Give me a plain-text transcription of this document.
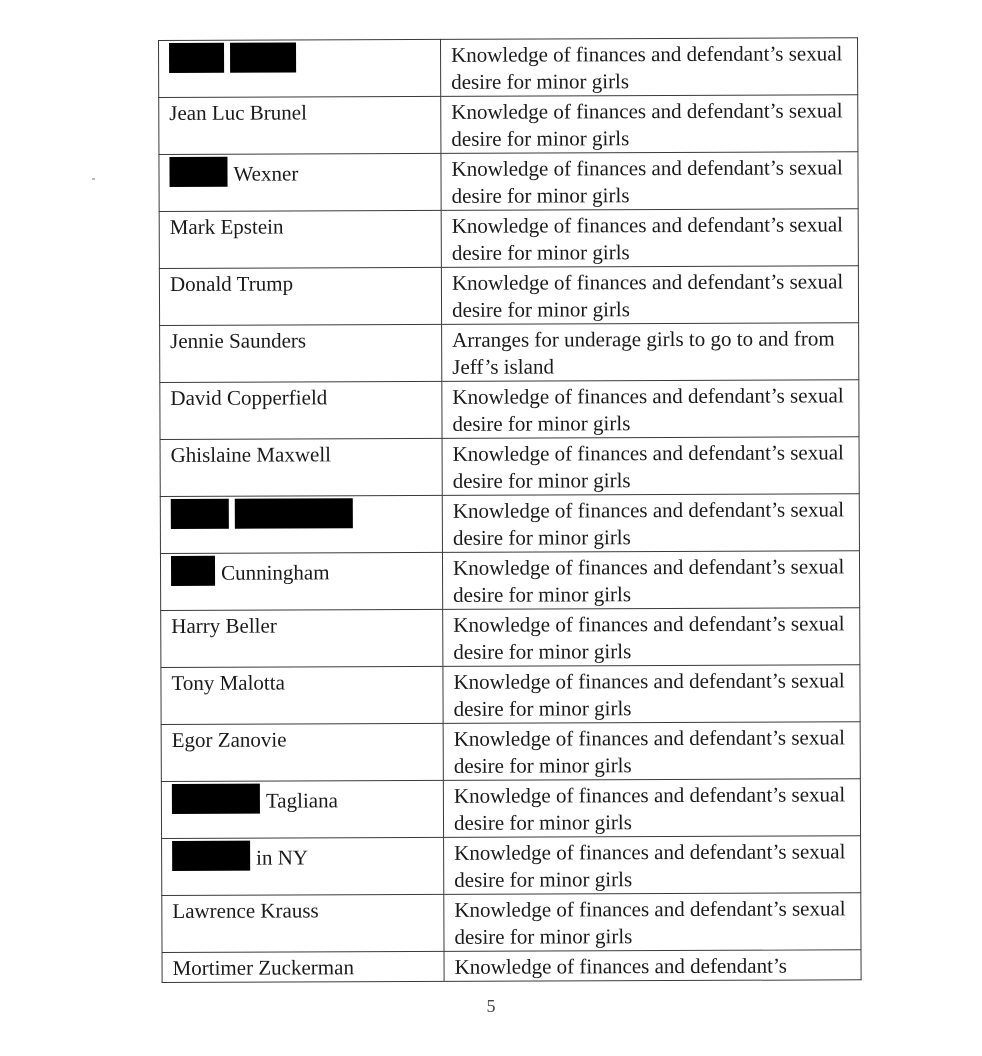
	Knowledge of finances and defendant’s sexual desire for minor girls
Jean Luc Brunel	Knowledge of finances and defendant’s sexual desire for minor girls
Wexner	Knowledge of finances and defendant’s sexual desire for minor girls
Mark Epstein	Knowledge of finances and defendant’s sexual desire for minor girls
Donald Trump	Knowledge of finances and defendant’s sexual desire for minor girls
Jennie Saunders	Arranges for underage girls to go to and from Jeff’s island
David Copperfield	Knowledge of finances and defendant’s sexual desire for minor girls
Ghislaine Maxwell	Knowledge of finances and defendant’s sexual desire for minor girls
	Knowledge of finances and defendant’s sexual desire for minor girls
Cunningham	Knowledge of finances and defendant’s sexual desire for minor girls
Harry Beller	Knowledge of finances and defendant’s sexual desire for minor girls
Tony Malotta	Knowledge of finances and defendant’s sexual desire for minor girls
Egor Zanovie	Knowledge of finances and defendant’s sexual desire for minor girls
Tagliana	Knowledge of finances and defendant’s sexual desire for minor girls
in NY	Knowledge of finances and defendant’s sexual desire for minor girls
Lawrence Krauss	Knowledge of finances and defendant’s sexual desire for minor girls
Mortimer Zuckerman	Knowledge of finances and defendant’s
5
